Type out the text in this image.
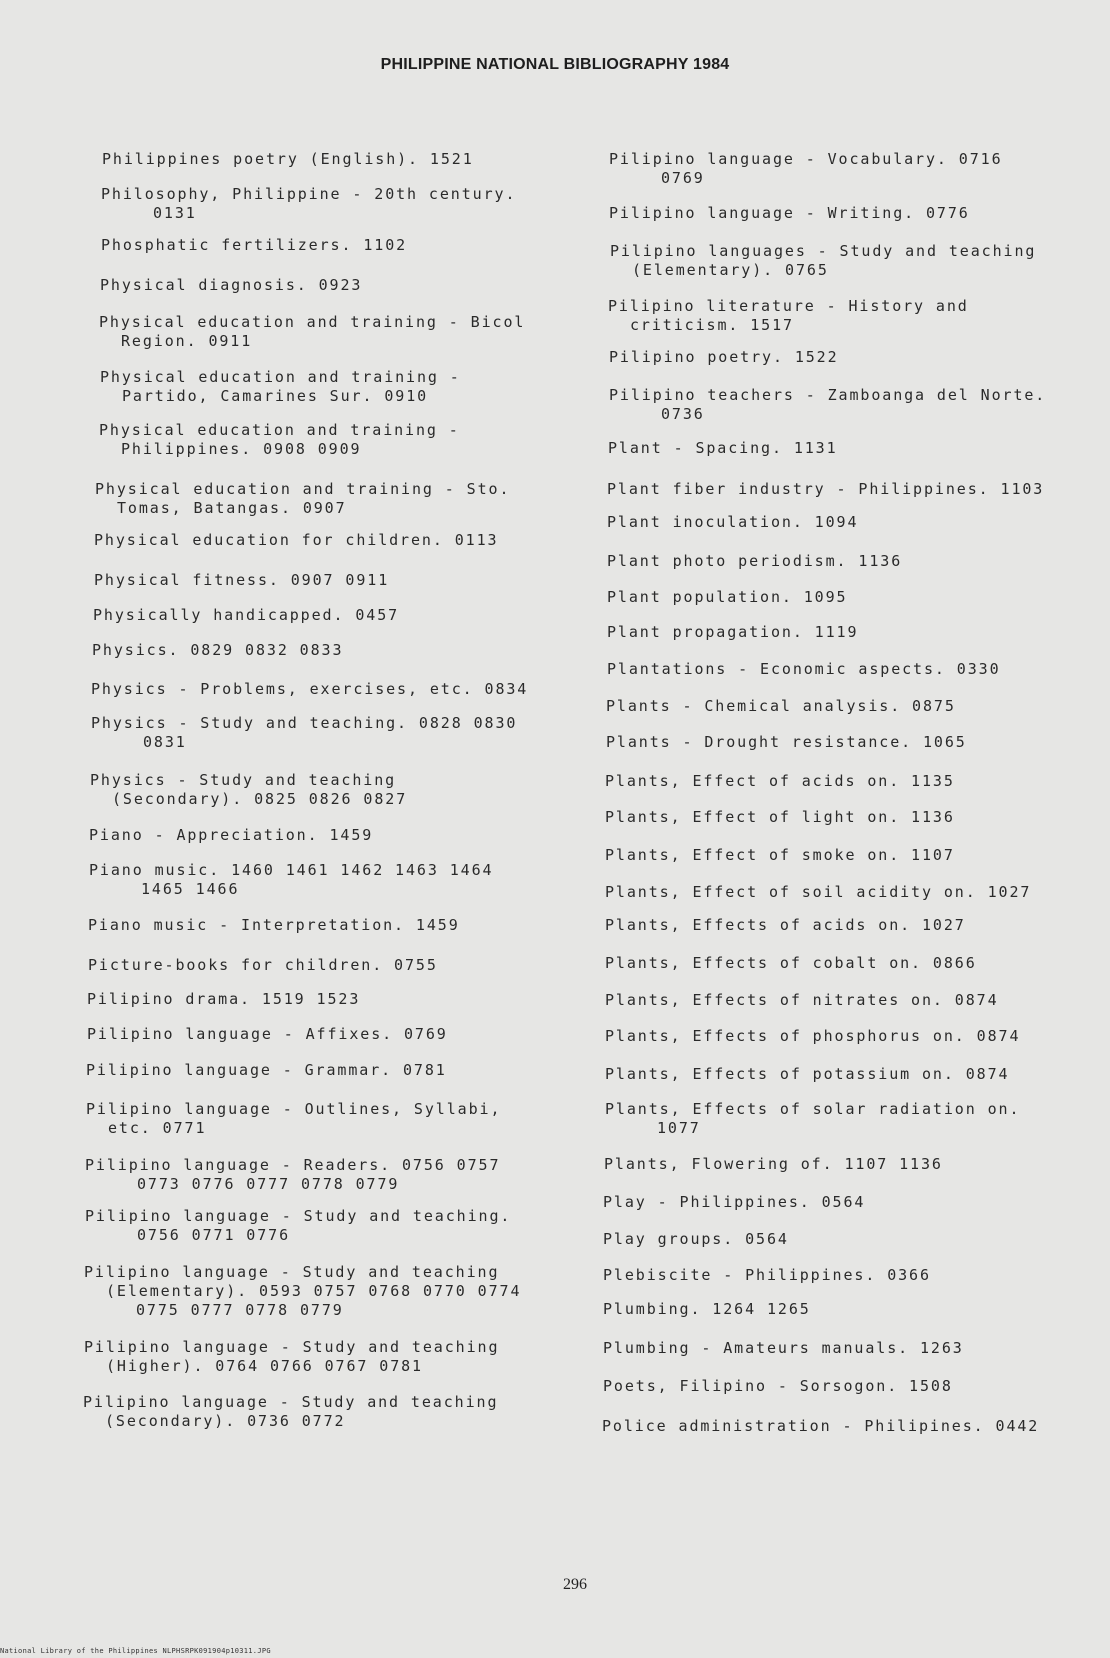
PHILIPPINE NATIONAL BIBLIOGRAPHY 1984
Philippines poetry (English). 1521
Philosophy, Philippine - 20th century.
0131
Phosphatic fertilizers. 1102
Physical diagnosis. 0923
Physical education and training - Bicol
Region. 0911
Physical education and training -
Partido, Camarines Sur. 0910
Physical education and training -
Philippines. 0908 0909
Physical education and training - Sto.
Tomas, Batangas. 0907
Physical education for children. 0113
Physical fitness. 0907 0911
Physically handicapped. 0457
Physics. 0829 0832 0833
Physics - Problems, exercises, etc. 0834
Physics - Study and teaching. 0828 0830
0831
Physics - Study and teaching
(Secondary). 0825 0826 0827
Piano - Appreciation. 1459
Piano music. 1460 1461 1462 1463 1464
1465 1466
Piano music - Interpretation. 1459
Picture-books for children. 0755
Pilipino drama. 1519 1523
Pilipino language - Affixes. 0769
Pilipino language - Grammar. 0781
Pilipino language - Outlines, Syllabi,
etc. 0771
Pilipino language - Readers. 0756 0757
0773 0776 0777 0778 0779
Pilipino language - Study and teaching.
0756 0771 0776
Pilipino language - Study and teaching
(Elementary). 0593 0757 0768 0770 0774
0775 0777 0778 0779
Pilipino language - Study and teaching
(Higher). 0764 0766 0767 0781
Pilipino language - Study and teaching
(Secondary). 0736 0772
Pilipino language - Vocabulary. 0716
0769
Pilipino language - Writing. 0776
Pilipino languages - Study and teaching
(Elementary). 0765
Pilipino literature - History and
criticism. 1517
Pilipino poetry. 1522
Pilipino teachers - Zamboanga del Norte.
0736
Plant - Spacing. 1131
Plant fiber industry - Philippines. 1103
Plant inoculation. 1094
Plant photo periodism. 1136
Plant population. 1095
Plant propagation. 1119
Plantations - Economic aspects. 0330
Plants - Chemical analysis. 0875
Plants - Drought resistance. 1065
Plants, Effect of acids on. 1135
Plants, Effect of light on. 1136
Plants, Effect of smoke on. 1107
Plants, Effect of soil acidity on. 1027
Plants, Effects of acids on. 1027
Plants, Effects of cobalt on. 0866
Plants, Effects of nitrates on. 0874
Plants, Effects of phosphorus on. 0874
Plants, Effects of potassium on. 0874
Plants, Effects of solar radiation on.
1077
Plants, Flowering of. 1107 1136
Play - Philippines. 0564
Play groups. 0564
Plebiscite - Philippines. 0366
Plumbing. 1264 1265
Plumbing - Amateurs manuals. 1263
Poets, Filipino - Sorsogon. 1508
Police administration - Philipines. 0442
296
National Library of the Philippines NLPHSRPK091904p10311.JPG
